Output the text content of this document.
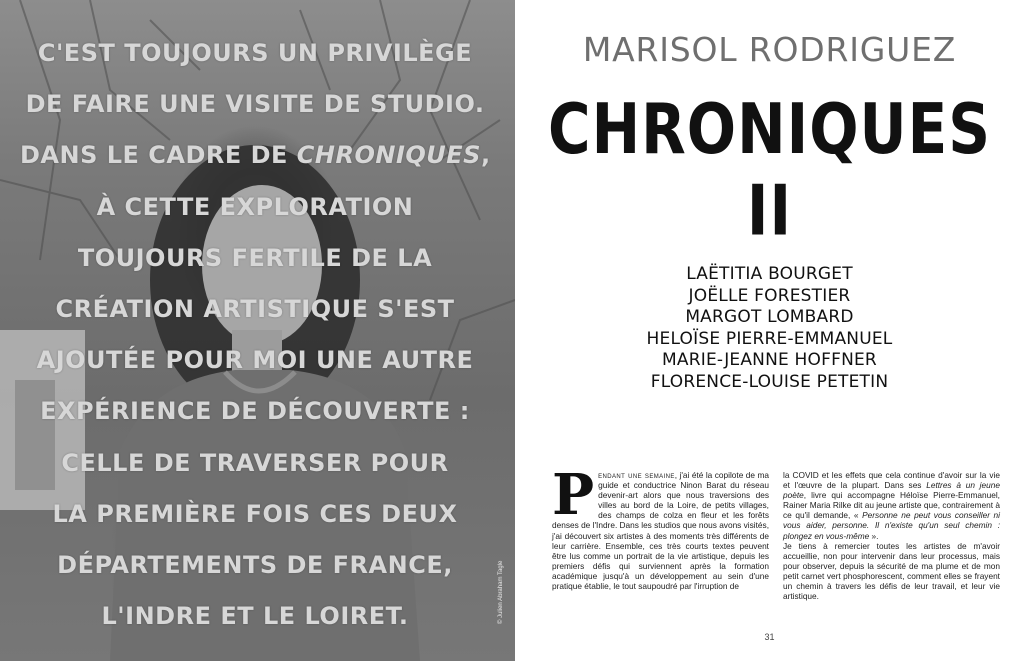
C'EST TOUJOURS UN PRIVILÈGE
DE FAIRE UNE VISITE DE STUDIO.
DANS LE CADRE DE CHRONIQUES,
À CETTE EXPLORATION
TOUJOURS FERTILE DE LA
CRÉATION ARTISTIQUE S'EST
AJOUTÉE POUR MOI UNE AUTRE
EXPÉRIENCE DE DÉCOUVERTE :
CELLE DE TRAVERSER POUR
LA PREMIÈRE FOIS CES DEUX
DÉPARTEMENTS DE FRANCE,
L'INDRE ET LE LOIRET.	© Julien Abraham Tagle
MARISOL RODRIGUEZ
CHRONIQUES II
LAËTITIA BOURGET
JOËLLE FORESTIER
MARGOT LOMBARD
HELOÏSE PIERRE-EMMANUEL
MARIE-JEANNE HOFFNER
FLORENCE-LOUISE PETETIN

Pendant une semaine, j'ai été la copilote de ma guide et conductrice Ninon Barat du réseau devenir-art alors que nous traversions des villes au bord de la Loire, de petits villages, des champs de colza en fleur et les forêts denses de l'Indre. Dans les studios que nous avons visités, j'ai découvert six artistes à des moments très différents de leur carrière. Ensemble, ces très courts textes peuvent être lus comme un portrait de la vie artistique, depuis les premiers défis qui surviennent après la formation académique jusqu'à un développement au sein d'une pratique établie, le tout saupoudré par l'irruption de

la COVID et les effets que cela continue d'avoir sur la vie et l'œuvre de la plupart. Dans ses Lettres à un jeune poète, livre qui accompagne Héloïse Pierre-Emmanuel, Rainer Maria Rilke dit au jeune artiste que, contrairement à ce qu'il demande, « Personne ne peut vous conseiller ni vous aider, personne. Il n'existe qu'un seul chemin : plongez en vous-même ».

Je tiens à remercier toutes les artistes de m'avoir accueillie, non pour intervenir dans leur processus, mais pour observer, depuis la sécurité de ma plume et de mon petit carnet vert phosphorescent, comment elles se frayent un chemin à travers les défis de leur travail, et leur vie artistique.

31
